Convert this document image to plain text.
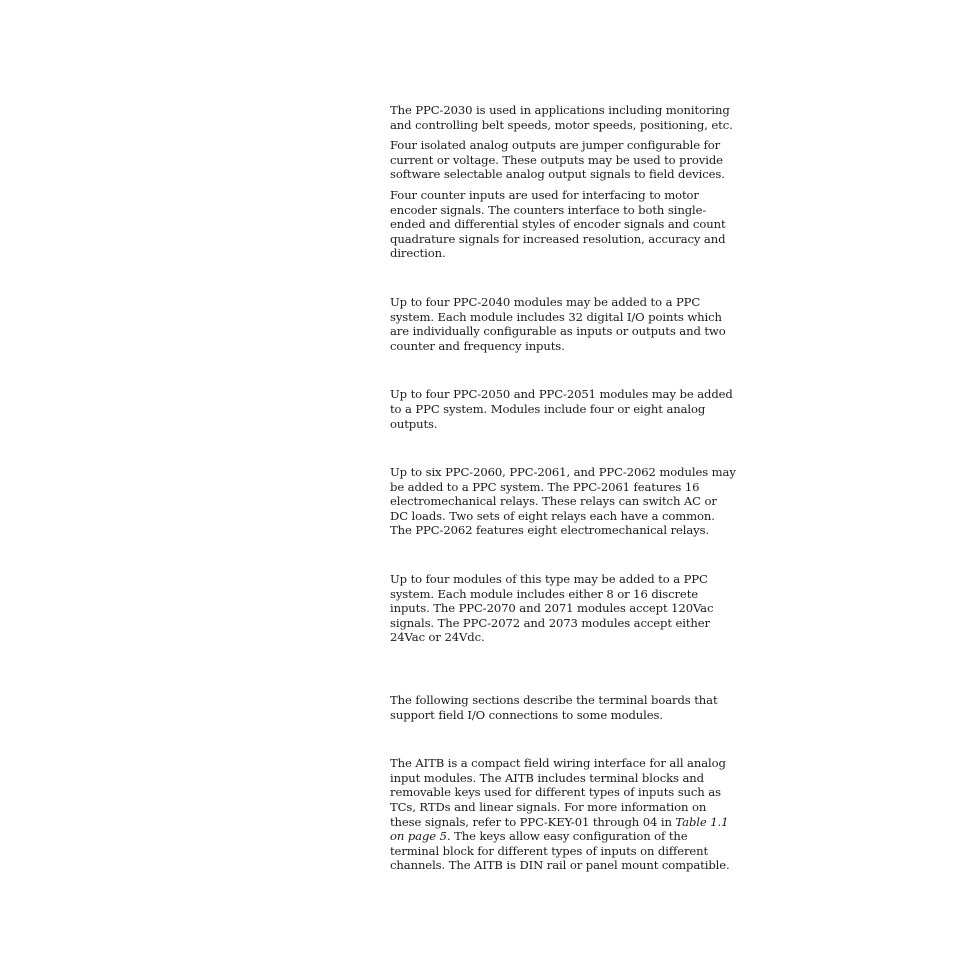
The PPC-2030 is used in applications including monitoring and controlling belt speeds, motor speeds, positioning, etc.

Four isolated analog outputs are jumper configurable for current or voltage. These outputs may be used to provide software selectable analog output signals to field devices.

Four counter inputs are used for interfacing to motor encoder signals. The counters interface to both single-ended and differential styles of encoder signals and count quadrature signals for increased resolution, accuracy and direction.

Up to four PPC-2040 modules may be added to a PPC system. Each module includes 32 digital I/O points which are individually configurable as inputs or outputs and two counter and frequency inputs.

Up to four PPC-2050 and PPC-2051 modules may be added to a PPC system. Modules include four or eight analog outputs.

Up to six PPC-2060, PPC-2061, and PPC-2062 modules may be added to a PPC system. The PPC-2061 features 16 electromechanical relays. These relays can switch AC or DC loads. Two sets of eight relays each have a common. The PPC-2062 features eight electromechanical relays.

Up to four modules of this type may be added to a PPC system. Each module includes either 8 or 16 discrete inputs. The PPC-2070 and 2071 modules accept 120Vac signals. The PPC-2072 and 2073 modules accept either 24Vac or 24Vdc.

The following sections describe the terminal boards that support field I/O connections to some modules.

The AITB is a compact field wiring interface for all analog input modules. The AITB includes terminal blocks and removable keys used for different types of inputs such as TCs, RTDs and linear signals. For more information on these signals, refer to PPC-KEY-01 through 04 in Table 1.1 on page 5. The keys allow easy configuration of the terminal block for different types of inputs on different channels. The AITB is DIN rail or panel mount compatible.
